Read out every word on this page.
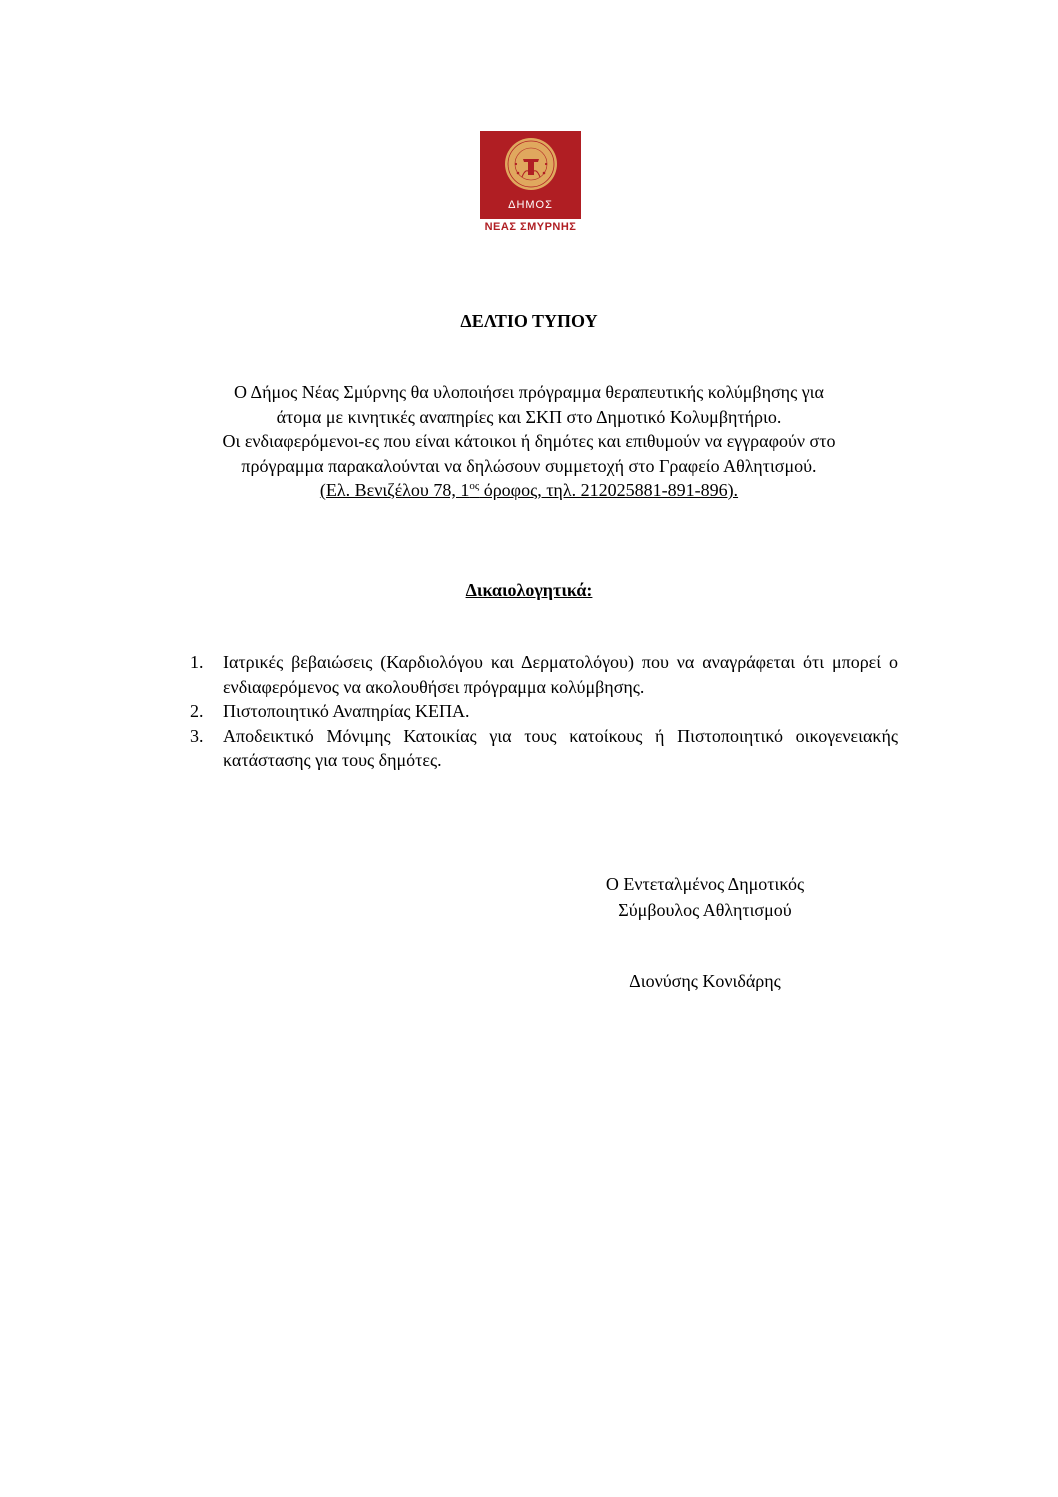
ΔΗΜΟΣ
ΝΕΑΣ ΣΜΥΡΝΗΣ
ΔΕΛΤΙΟ ΤΥΠΟΥ
Ο Δήμος Νέας Σμύρνης θα υλοποιήσει πρόγραμμα θεραπευτικής κολύμβησης για
άτομα με κινητικές αναπηρίες και ΣΚΠ στο Δημοτικό Κολυμβητήριο.
Οι ενδιαφερόμενοι-ες που είναι κάτοικοι ή δημότες και επιθυμούν να εγγραφούν στο
πρόγραμμα παρακαλούνται να δηλώσουν συμμετοχή στο Γραφείο Αθλητισμού.
(Ελ. Βενιζέλου 78, $1^{o\varsigma}$ όροφος, τηλ. 212025881-891-896).
Δικαιολογητικά:
1. Ιατρικές βεβαιώσεις (Καρδιολόγου και Δερματολόγου) που να αναγράφεται ότι μπορεί ο ενδιαφερόμενος να ακολουθήσει πρόγραμμα κολύμβησης.
2. Πιστοποιητικό Αναπηρίας ΚΕΠΑ.
3. Αποδεικτικό Μόνιμης Κατοικίας για τους κατοίκους ή Πιστοποιητικό οικογενειακής κατάστασης για τους δημότες.
Ο Εντεταλμένος Δημοτικός
Σύμβουλος Αθλητισμού
Διονύσης Κονιδάρης
